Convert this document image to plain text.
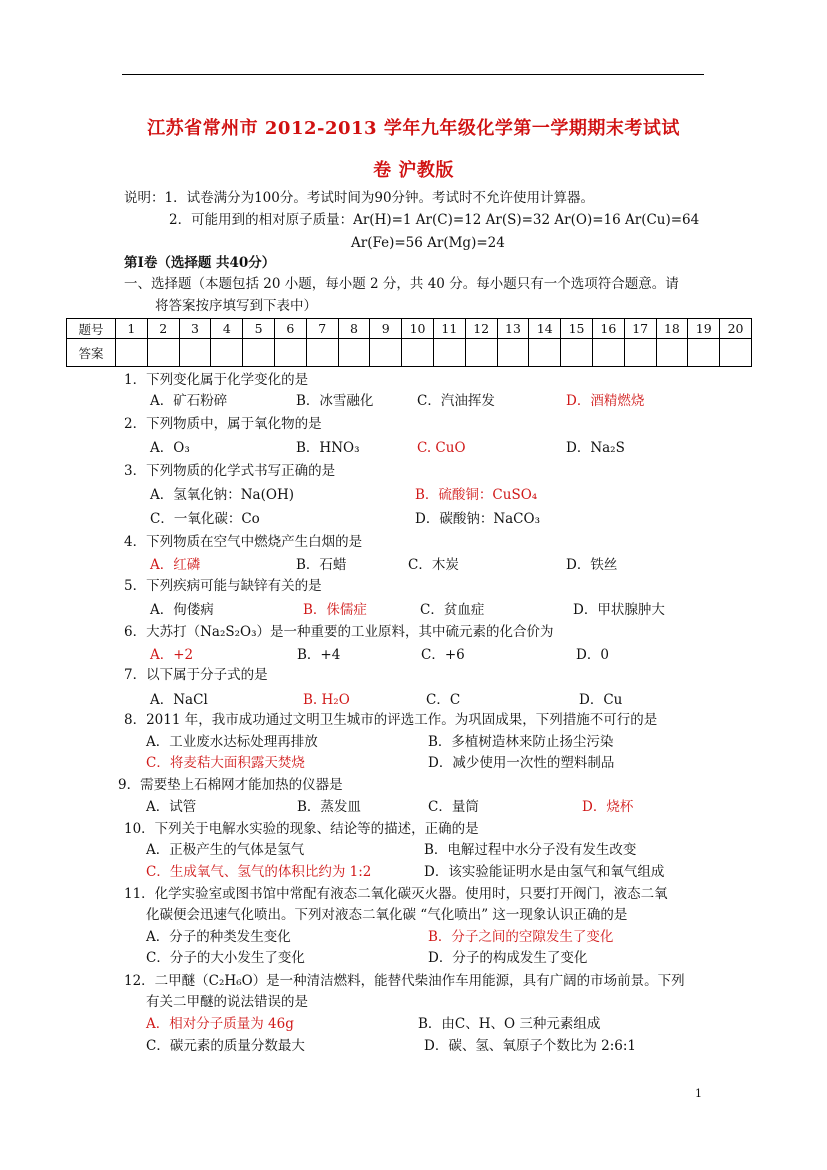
江苏省常州市 2012-2013 学年九年级化学第一学期期末考试试
卷 沪教版
说明：1．试卷满分为100分。考试时间为90分钟。考试时不允许使用计算器。
2．可能用到的相对原子质量：Ar(H)=1 Ar(C)=12 Ar(S)=32 Ar(O)=16 Ar(Cu)=64
Ar(Fe)=56 Ar(Mg)=24
第Ⅰ卷（选择题 共40分）
一、选择题（本题包括 20 小题，每小题 2 分，共 40 分。每小题只有一个选项符合题意。请
将答案按序填写到下表中）
题号	1	2	3	4	5	6	7	8	9	10	11	12	13	14	15	16	17	18	19	20
答案																				
1．下列变化属于化学变化的是
A．矿石粉碎	B．冰雪融化	C．汽油挥发	D．酒精燃烧
2．下列物质中，属于氧化物的是
A．O₃	B．HNO₃	C. CuO	D．Na₂S
3．下列物质的化学式书写正确的是
A．氢氧化钠：Na(OH)	B．硫酸铜：CuSO₄
C．一氧化碳：Co	D．碳酸钠：NaCO₃
4．下列物质在空气中燃烧产生白烟的是
A．红磷	B．石蜡	C．木炭	D．铁丝
5．下列疾病可能与缺锌有关的是
A．佝偻病	B．侏儒症	C．贫血症	D．甲状腺肿大
6．大苏打（Na₂S₂O₃）是一种重要的工业原料，其中硫元素的化合价为
A．+2	B．+4	C．+6	D．0
7．以下属于分子式的是
A．NaCl	B. H₂O	C．C	D．Cu
8．2011 年，我市成功通过文明卫生城市的评选工作。为巩固成果，下列措施不可行的是
A．工业废水达标处理再排放	B．多植树造林来防止扬尘污染
C．将麦秸大面积露天焚烧	D．减少使用一次性的塑料制品
9．需要垫上石棉网才能加热的仪器是
A．试管	B．蒸发皿	C．量筒	D．烧杯
10．下列关于电解水实验的现象、结论等的描述，正确的是
A．正极产生的气体是氢气	B．电解过程中水分子没有发生改变
C．生成氧气、氢气的体积比约为 1:2	D．该实验能证明水是由氢气和氧气组成
11．化学实验室或图书馆中常配有液态二氧化碳灭火器。使用时，只要打开阀门，液态二氧
化碳便会迅速气化喷出。下列对液态二氧化碳 “气化喷出” 这一现象认识正确的是
A．分子的种类发生变化	B．分子之间的空隙发生了变化
C．分子的大小发生了变化	D．分子的构成发生了变化
12．二甲醚（C₂H₆O）是一种清洁燃料，能替代柴油作车用能源，具有广阔的市场前景。下列
有关二甲醚的说法错误的是
A．相对分子质量为 46g	B．由C、H、O 三种元素组成
C．碳元素的质量分数最大	D．碳、氢、氧原子个数比为 2:6:1
1
